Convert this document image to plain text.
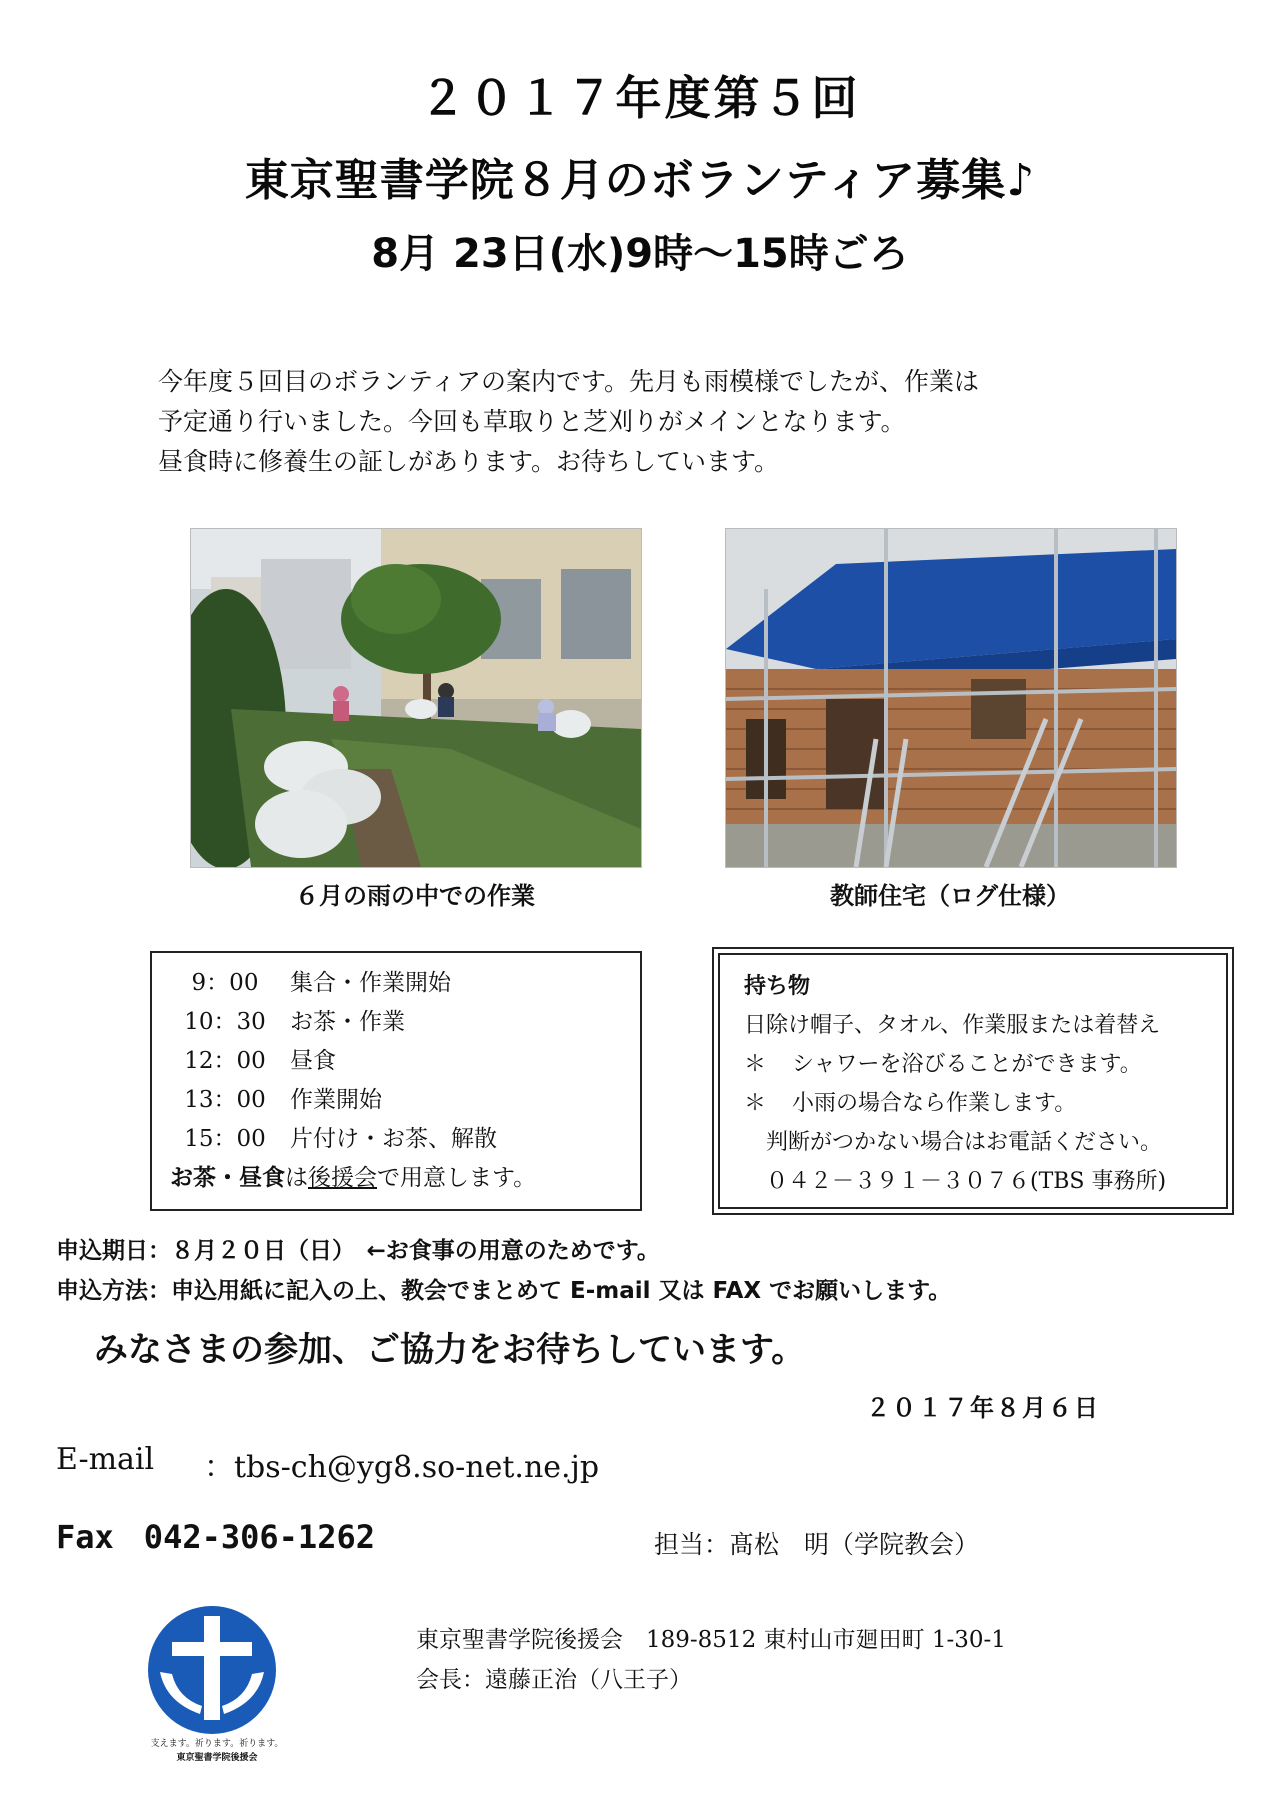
２０１７年度第５回
東京聖書学院８月のボランティア募集♪
8月 23日(水)9時～15時ごろ
今年度５回目のボランティアの案内です。先月も雨模様でしたが、作業は
予定通り行いました。今回も草取りと芝刈りがメインとなります。
昼食時に修養生の証しがあります。お待ちしています。
６月の雨の中での作業	教師住宅（ログ仕様）
9：00	集合・作業開始
10：30	お茶・作業
12：00	昼食
13：00	作業開始
15：00	片付け・お茶、解散
お茶・昼食 は 後援会 で用意します。
持ち物
日除け帽子、タオル、作業服または着替え
＊	シャワーを浴びることができます。
＊	小雨の場合なら作業します。
判断がつかない場合はお電話ください。
０４２－３９１－３０７６(TBS 事務所)
申込期日：８月２０日（日）　←お食事の用意のためです。
申込方法：申込用紙に記入の上、教会でまとめて E-mail 又は FAX でお願いします。
みなさまの参加、ご協力をお待ちしています。
２０１７年８月６日
E-mail ：tbs-ch@yg8.so-net.ne.jp
Fax 042-306-1262	担当：髙松　明（学院教会）
支えます。祈ります。祈ります。
東京聖書学院後援会
東京聖書学院後援会　189-8512 東村山市廻田町 1-30-1
会長：遠藤正治（八王子）
